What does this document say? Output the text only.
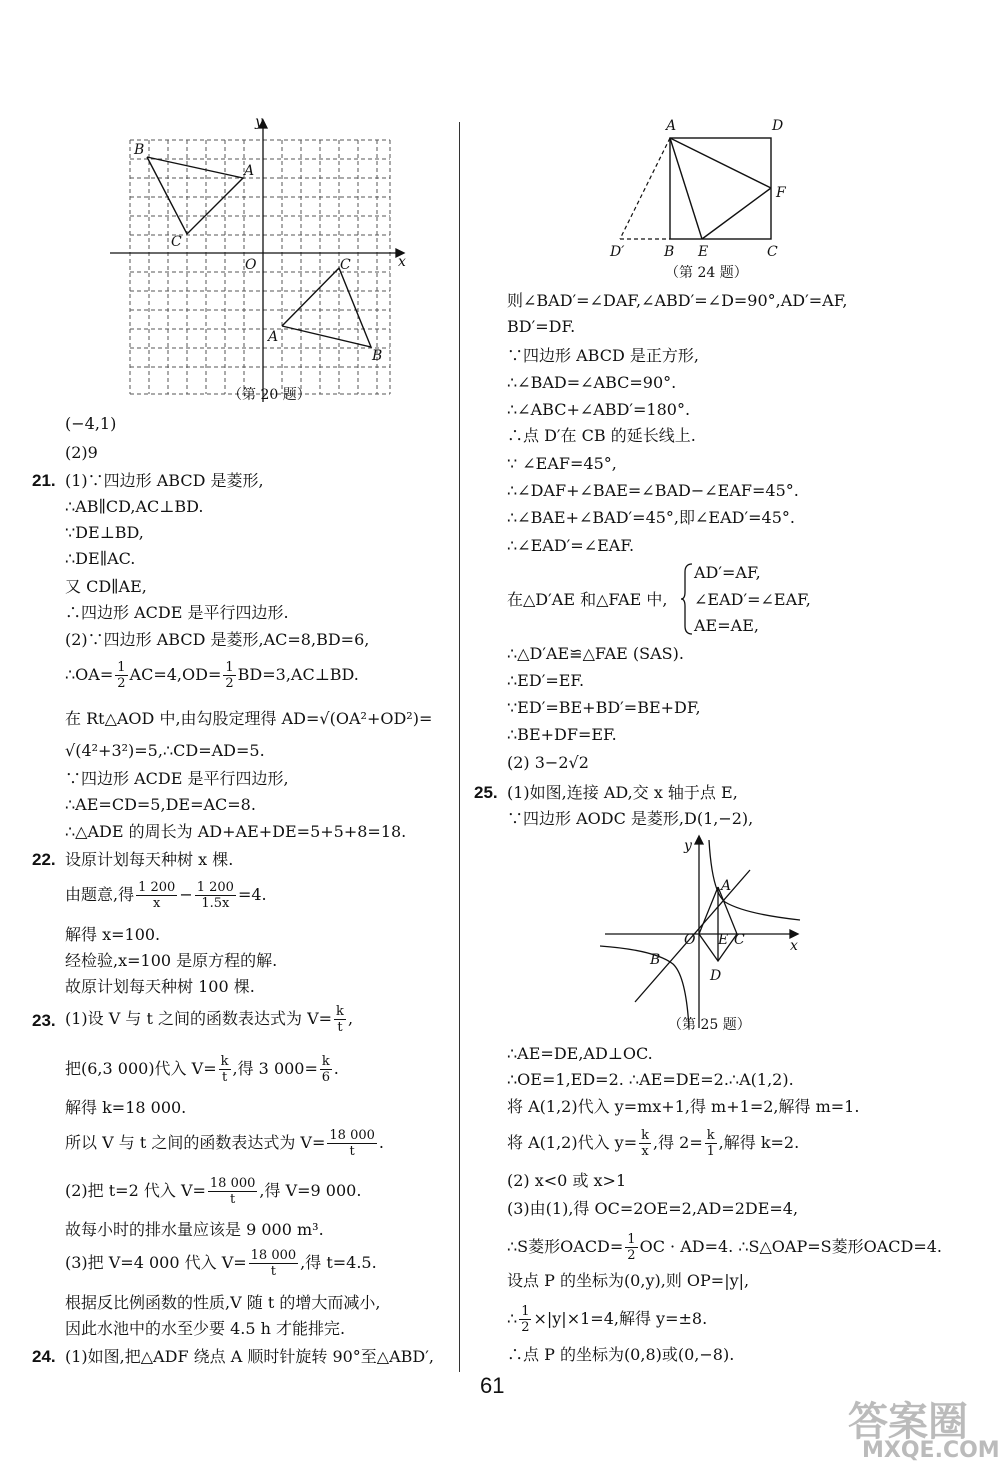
y
x
O
B
A
C
C
A
B
（第 20 题）
(−4,1)
(2)9
21. (1)∵四边形 ABCD 是菱形,
∴AB∥CD,AC⊥BD.
∵DE⊥BD,
∴DE∥AC.
又 CD∥AE,
∴四边形 ACDE 是平行四边形.
(2)∵四边形 ABCD 是菱形,AC=8,BD=6,
∴OA= $\frac{1}{2} AC=4,OD= \frac{1}{2}$ BD=3,AC⊥BD.
在 Rt△AOD 中,由勾股定理得 AD=√(OA²+OD²)=
√(4²+3²)=5,∴CD=AD=5.
∵四边形 ACDE 是平行四边形,
∴AE=CD=5,DE=AC=8.
∴△ADE 的周长为 AD+AE+DE=5+5+8=18.
22. 设原计划每天种树 x 棵.
由题意,得 $\frac{1 200}{x} - \frac{1 200}{1.5x} =4$.
解得 x=100.
经检验,x=100 是原方程的解.
故原计划每天种树 100 棵.
23. (1)设 V 与 t 之间的函数表达式为 $V= \frac{k}{t}$ ,
把(6,3 000)代入 $V= \frac{k}{t}$ ,得 3 $000= \frac{k}{6}$ .
解得 k=18 000.
所以 V 与 t 之间的函数表达式为 $V= \frac{18 000}{t}$ .
(2)把 t=2 代入 $V= \frac{18 000}{t}$ ,得 V=9 000.
故每小时的排水量应该是 9 000 m³.
(3)把 V=4 000 代入 $V= \frac{18 000}{t}$ ,得 t=4.5.
根据反比例函数的性质,V 随 t 的增大而减小,
因此水池中的水至少要 4.5 h 才能排完.
24. (1)如图,把△ADF 绕点 A 顺时针旋转 90°至△ABD′,
A	D
F
D′	B E	C
（第 24 题）
则∠BAD′=∠DAF,∠ABD′=∠D=90°,AD′=AF,
BD′=DF.
∵四边形 ABCD 是正方形,
∴∠BAD=∠ABC=90°.
∴∠ABC+∠ABD′=180°.
∴点 D′在 CB 的延长线上.
∵ ∠EAF=45°,
∴∠DAF+∠BAE=∠BAD−∠EAF=45°.
∴∠BAE+∠BAD′=45°,即∠EAD′=45°.
∴∠EAD′=∠EAF.
在△D′AE 和△FAE 中,
AD′=AF,
∠EAD′=∠EAF,
AE=AE,
∴△D′AE≌△FAE (SAS).
∴ED′=EF.
∵ED′=BE+BD′=BE+DF,
∴BE+DF=EF.
(2) 3−2√2
25. (1)如图,连接 AD,交 x 轴于点 E,
∵四边形 AODC 是菱形,D(1,−2),
y
x
A
O E C
B
D
（第 25 题）
∴AE=DE,AD⊥OC.
∴OE=1,ED=2. ∴AE=DE=2.∴A(1,2).
将 A(1,2)代入 y=mx+1,得 m+1=2,解得 m=1.
将 A(1,2)代入 $y= \frac{k}{x}$ ,得 $2= \frac{k}{1}$ ,解得 k=2.
(2) x<0 或 x>1
(3)由(1),得 OC=2OE=2,AD=2DE=4,
∴S菱形OACD= $\frac{1}{2}$ OC · AD=4. ∴S△OAP=S菱形OACD=4.
设点 P 的坐标为(0,y),则 OP=|y|,
∴ $\frac{1}{2} \times|y|\times 1=4$,解得 y=±8.
∴点 P 的坐标为(0,8)或(0,−8).
61
答案圈
MXQE.COM
